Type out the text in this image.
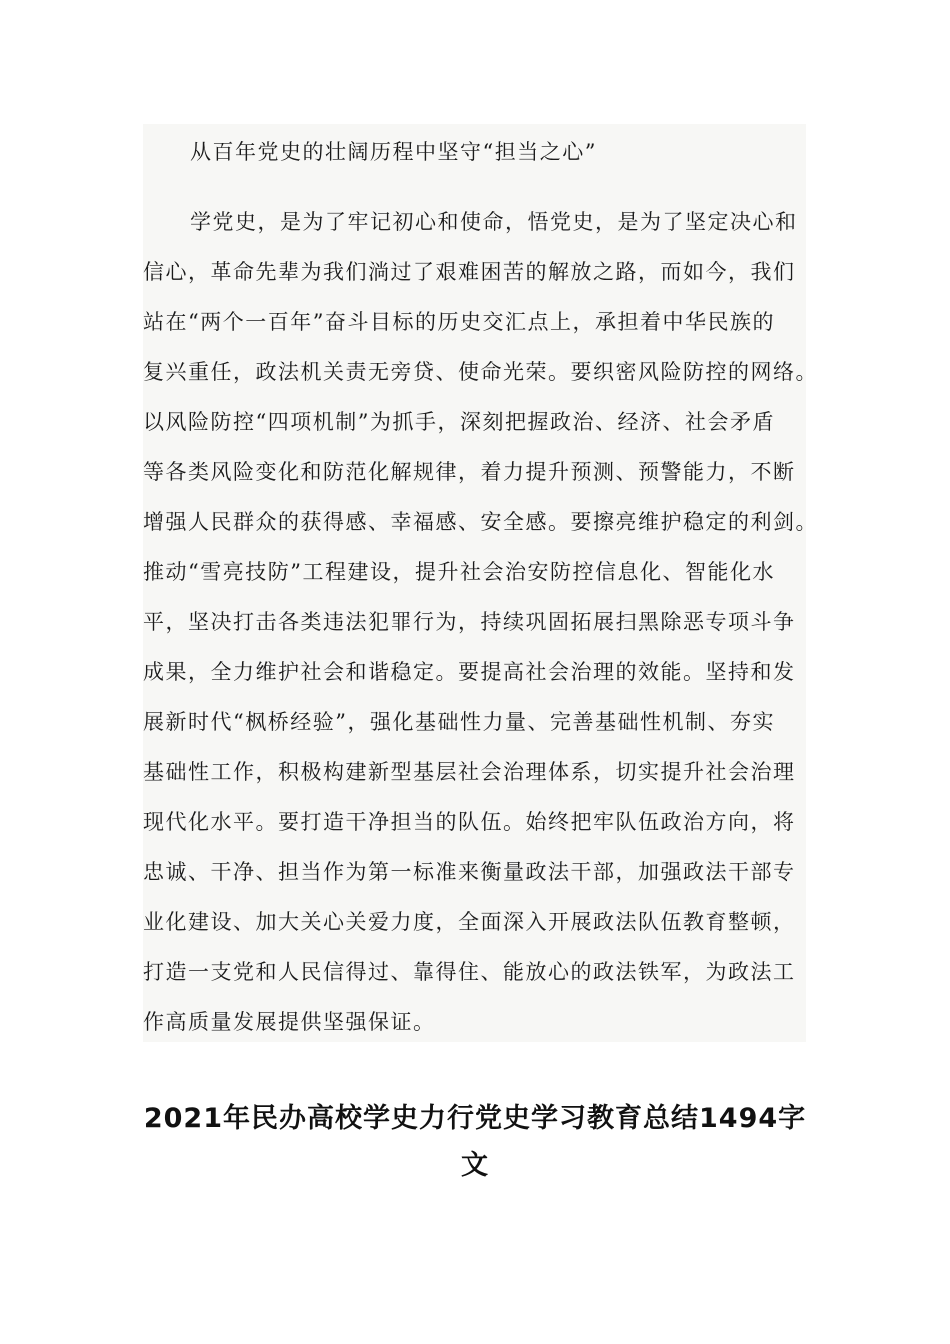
从百年党史的壮阔历程中坚守“担当之心”
学党史，是为了牢记初心和使命，悟党史，是为了坚定决心和
信心，革命先辈为我们淌过了艰难困苦的解放之路，而如今，我们
站在“两个一百年”奋斗目标的历史交汇点上，承担着中华民族的
复兴重任，政法机关责无旁贷、使命光荣。要织密风险防控的网络。
以风险防控“四项机制”为抓手，深刻把握政治、经济、社会矛盾
等各类风险变化和防范化解规律，着力提升预测、预警能力，不断
增强人民群众的获得感、幸福感、安全感。要擦亮维护稳定的利剑。
推动“雪亮技防”工程建设，提升社会治安防控信息化、智能化水
平，坚决打击各类违法犯罪行为，持续巩固拓展扫黑除恶专项斗争
成果，全力维护社会和谐稳定。要提高社会治理的效能。坚持和发
展新时代“枫桥经验”，强化基础性力量、完善基础性机制、夯实
基础性工作，积极构建新型基层社会治理体系，切实提升社会治理
现代化水平。要打造干净担当的队伍。始终把牢队伍政治方向，将
忠诚、干净、担当作为第一标准来衡量政法干部，加强政法干部专
业化建设、加大关心关爱力度，全面深入开展政法队伍教育整顿，
打造一支党和人民信得过、靠得住、能放心的政法铁军，为政法工
作高质量发展提供坚强保证。
2021年民办高校学史力行党史学习教育总结1494字
文
